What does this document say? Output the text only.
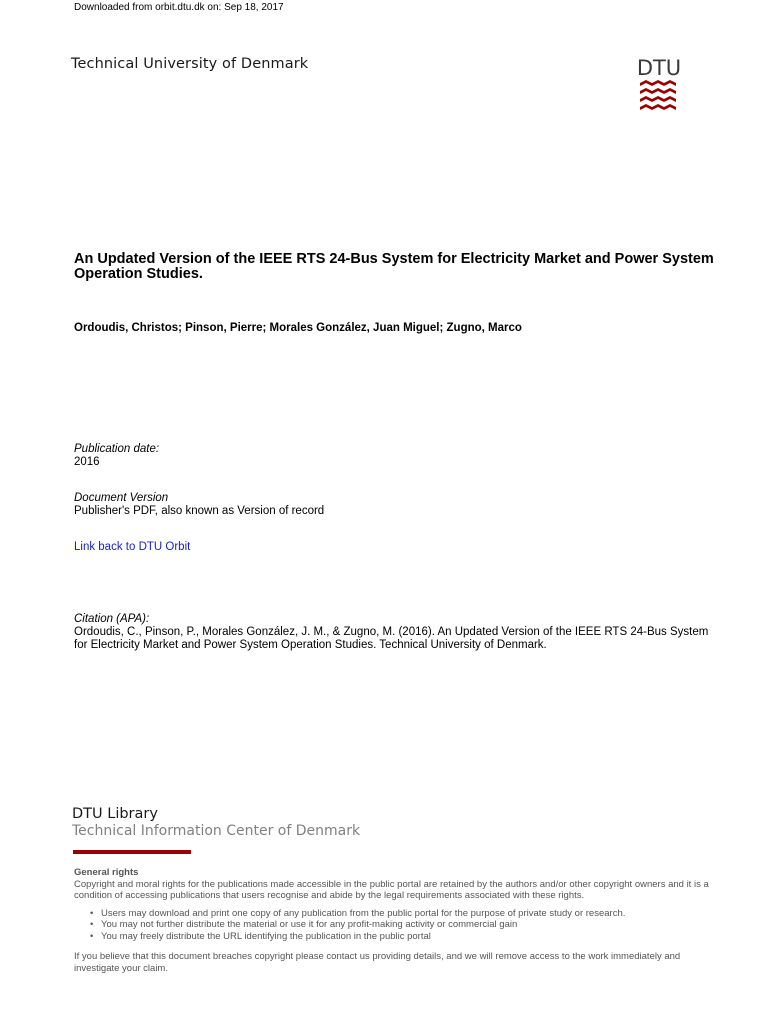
Downloaded from orbit.dtu.dk on: Sep 18, 2017
Technical University of Denmark	DTU
An Updated Version of the IEEE RTS 24-Bus System for Electricity Market and Power System Operation Studies.
Ordoudis, Christos; Pinson, Pierre; Morales González, Juan Miguel; Zugno, Marco
Publication date:
2016
Document Version
Publisher's PDF, also known as Version of record
Link back to DTU Orbit
Citation (APA):
Ordoudis, C., Pinson, P., Morales González, J. M., & Zugno, M. (2016). An Updated Version of the IEEE RTS 24-Bus System for Electricity Market and Power System Operation Studies. Technical University of Denmark.
DTU Library
Technical Information Center of Denmark
General rights
Copyright and moral rights for the publications made accessible in the public portal are retained by the authors and/or other copyright owners and it is a condition of accessing publications that users recognise and abide by the legal requirements associated with these rights.
• Users may download and print one copy of any publication from the public portal for the purpose of private study or research.
• You may not further distribute the material or use it for any profit-making activity or commercial gain
• You may freely distribute the URL identifying the publication in the public portal
If you believe that this document breaches copyright please contact us providing details, and we will remove access to the work immediately and investigate your claim.
